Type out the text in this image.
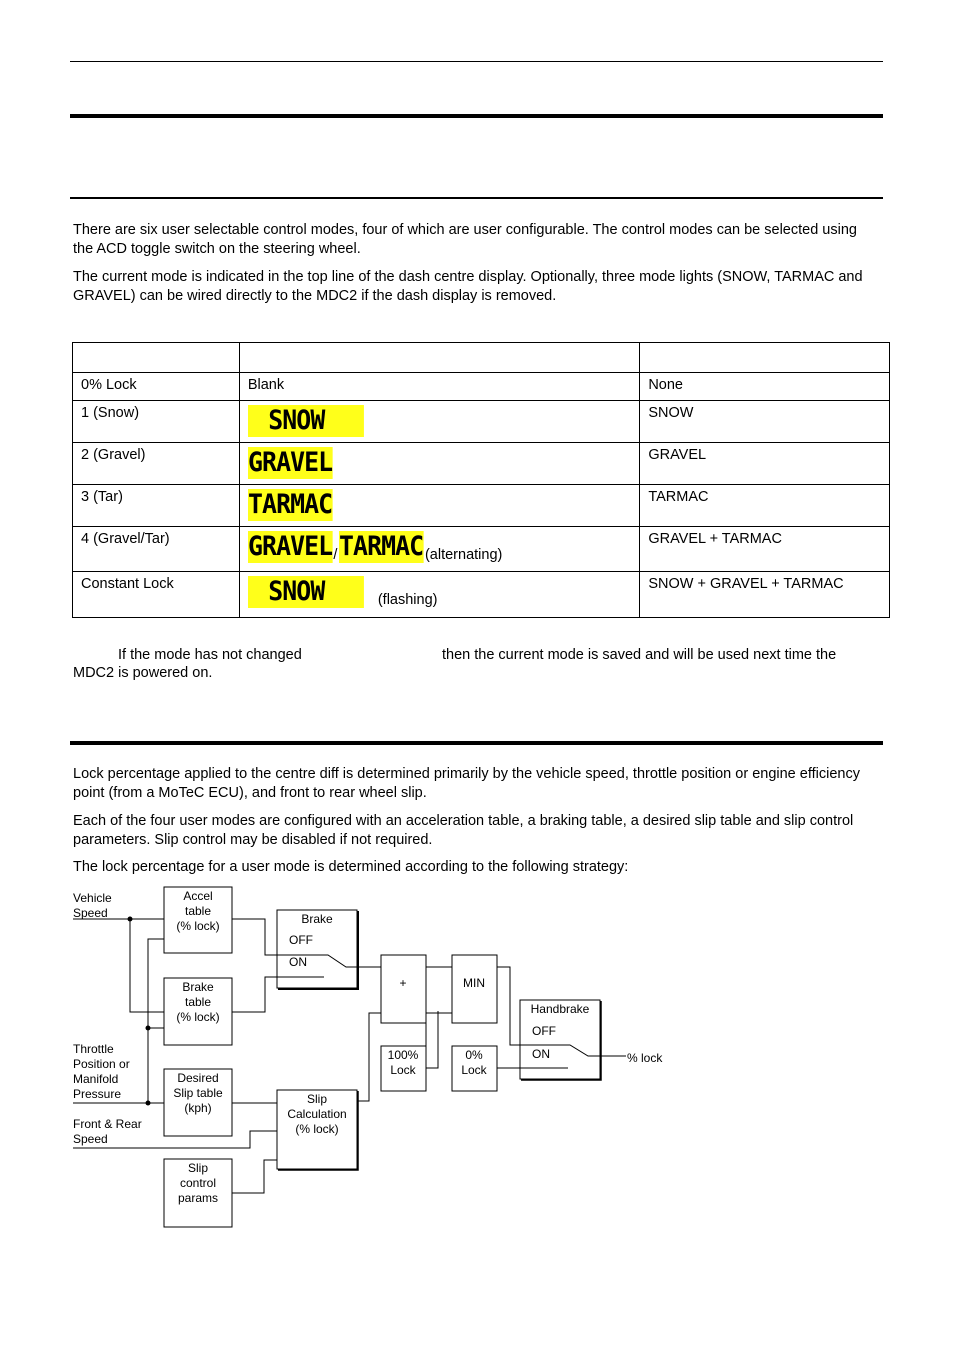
There are six user selectable control modes, four of which are user configurable. The control modes can be selected using the ACD toggle switch on the steering wheel.

The current mode is indicated in the top line of the dash centre display. Optionally, three mode lights (SNOW, TARMAC and GRAVEL) can be wired directly to the MDC2 if the dash display is removed.

0% Lock	Blank	None
1 (Snow)	SNOW	SNOW
2 (Gravel)	GRAVEL	GRAVEL
3 (Tar)	TARMAC	TARMAC
4 (Gravel/Tar)	GRAVEL/TARMAC(alternating)	GRAVEL + TARMAC
Constant Lock	SNOW (flashing)	SNOW + GRAVEL + TARMAC
If the mode has not changed	then the current mode is saved and will be used next time the
MDC2 is powered on.

Lock percentage applied to the centre diff is determined primarily by the vehicle speed, throttle position or engine efficiency point (from a MoTeC ECU), and front to rear wheel slip.

Each of the four user modes are configured with an acceleration table, a braking table, a desired slip table and slip control parameters. Slip control may be disabled if not required.

The lock percentage for a user mode is determined according to the following strategy:

Vehicle
Speed
Throttle
Position or
Manifold
Pressure
Front & Rear
Speed
Accel
table
(% lock)
Brake
table
(% lock)
Desired
Slip table
(kph)
Slip
control
params
Brake
Slip
Calculation
(% lock)
+
100%
Lock
MIN
0%
Lock
Handbrake
OFF
ON
OFF
ON	% lock
